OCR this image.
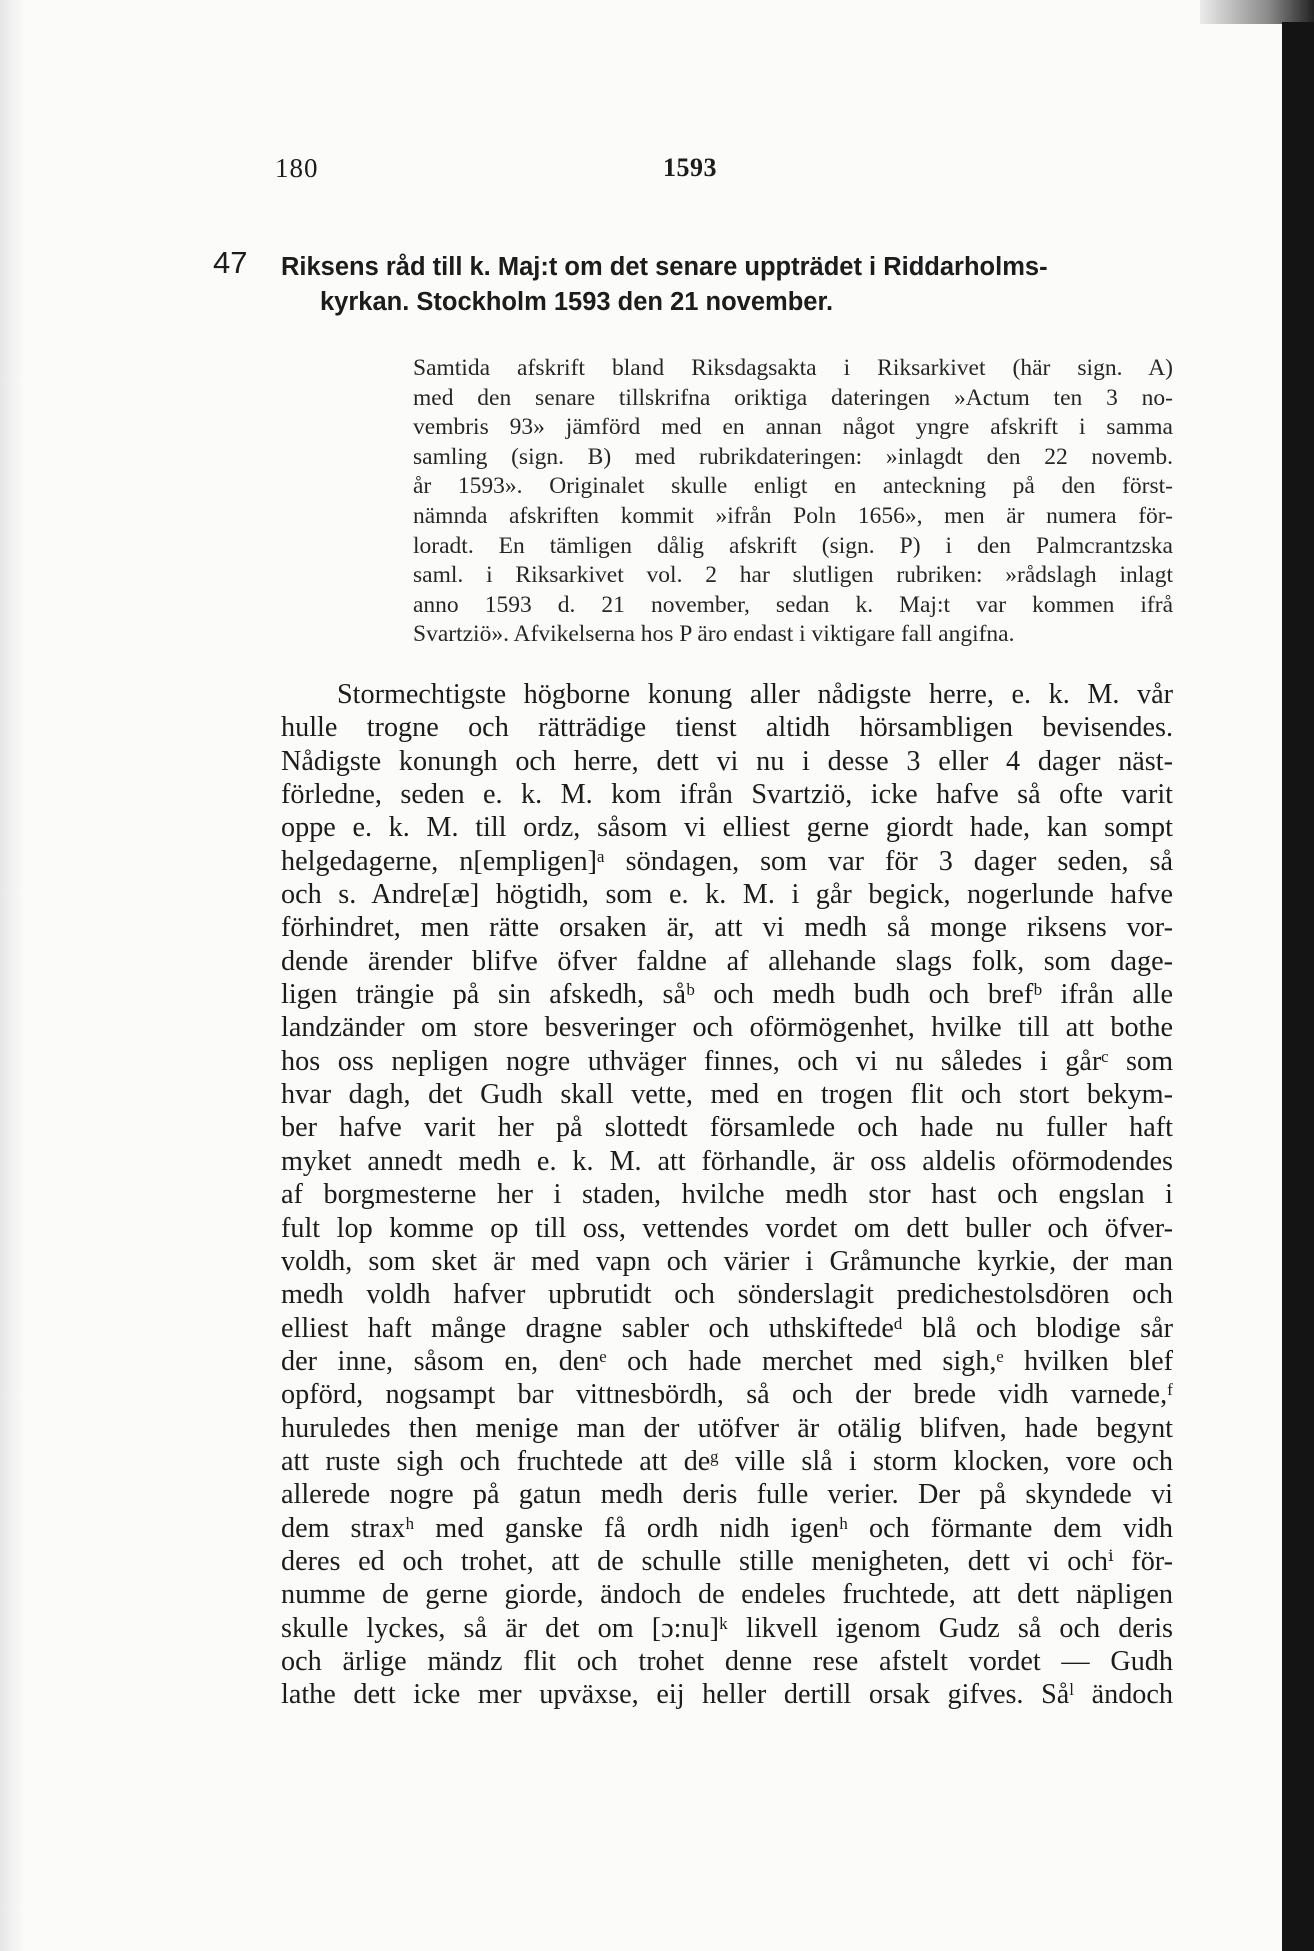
180	1593
47 Riksens råd till k. Maj:t om det senare uppträdet i Riddarholms-
kyrkan. Stockholm 1593 den 21 november.
Samtida afskrift bland Riksdagsakta i Riksarkivet (här sign. A)
med den senare tillskrifna oriktiga dateringen »Actum ten 3 no-
vembris 93» jämförd med en annan något yngre afskrift i samma
samling (sign. B) med rubrikdateringen: »inlagdt den 22 novemb.
år 1593». Originalet skulle enligt en anteckning på den först-
nämnda afskriften kommit »ifrån Poln 1656», men är numera för-
loradt. En tämligen dålig afskrift (sign. P) i den Palmcrantzska
saml. i Riksarkivet vol. 2 har slutligen rubriken: »rådslagh inlagt
anno 1593 d. 21 november, sedan k. Maj:t var kommen ifrå
Svartziö». Afvikelserna hos P äro endast i viktigare fall angifna.
Stormechtigste högborne konung aller nådigste herre, e. k. M. vår
hulle trogne och rätträdige tienst altidh hörsambligen bevisendes.
Nådigste konungh och herre, dett vi nu i desse 3 eller 4 dager näst-
förledne, seden e. k. M. kom ifrån Svartziö, icke hafve så ofte varit
oppe e. k. M. till ordz, såsom vi elliest gerne giordt hade, kan sompt
helgedagerne, n[empligen]ᵃ söndagen, som var för 3 dager seden, så
och s. Andre[æ] högtidh, som e. k. M. i går begick, nogerlunde hafve
förhindret, men rätte orsaken är, att vi medh så monge riksens vor-
dende ärender blifve öfver faldne af allehande slags folk, som dage-
ligen trängie på sin afskedh, såᵇ och medh budh och brefᵇ ifrån alle
landzänder om store besveringer och oförmögenhet, hvilke till att bothe
hos oss nepligen nogre uthväger finnes, och vi nu således i gårᶜ som
hvar dagh, det Gudh skall vette, med en trogen flit och stort bekym-
ber hafve varit her på slottedt församlede och hade nu fuller haft
myket annedt medh e. k. M. att förhandle, är oss aldelis oförmodendes
af borgmesterne her i staden, hvilche medh stor hast och engslan i
fult lop komme op till oss, vettendes vordet om dett buller och öfver-
voldh, som sket är med vapn och värier i Gråmunche kyrkie, der man
medh voldh hafver upbrutidt och sönderslagit predichestolsdören och
elliest haft månge dragne sabler och uthskiftedeᵈ blå och blodige sår
der inne, såsom en, denᵉ och hade merchet med sigh,ᵉ hvilken blef
opförd, nogsampt bar vittnesbördh, så och der brede vidh varnede,ᶠ
huruledes then menige man der utöfver är otälig blifven, hade begynt
att ruste sigh och fruchtede att deᵍ ville slå i storm klocken, vore och
allerede nogre på gatun medh deris fulle verier. Der på skyndede vi
dem straxʰ med ganske få ordh nidh igenʰ och förmante dem vidh
deres ed och trohet, att de schulle stille menigheten, dett vi ochⁱ för-
numme de gerne giorde, ändoch de endeles fruchtede, att dett näpligen
skulle lyckes, så är det om [ɔ:nu]ᵏ likvell igenom Gudz så och deris
och ärlige mändz flit och trohet denne rese afstelt vordet — Gudh
lathe dett icke mer upväxse, eij heller dertill orsak gifves. Såˡ ändoch
